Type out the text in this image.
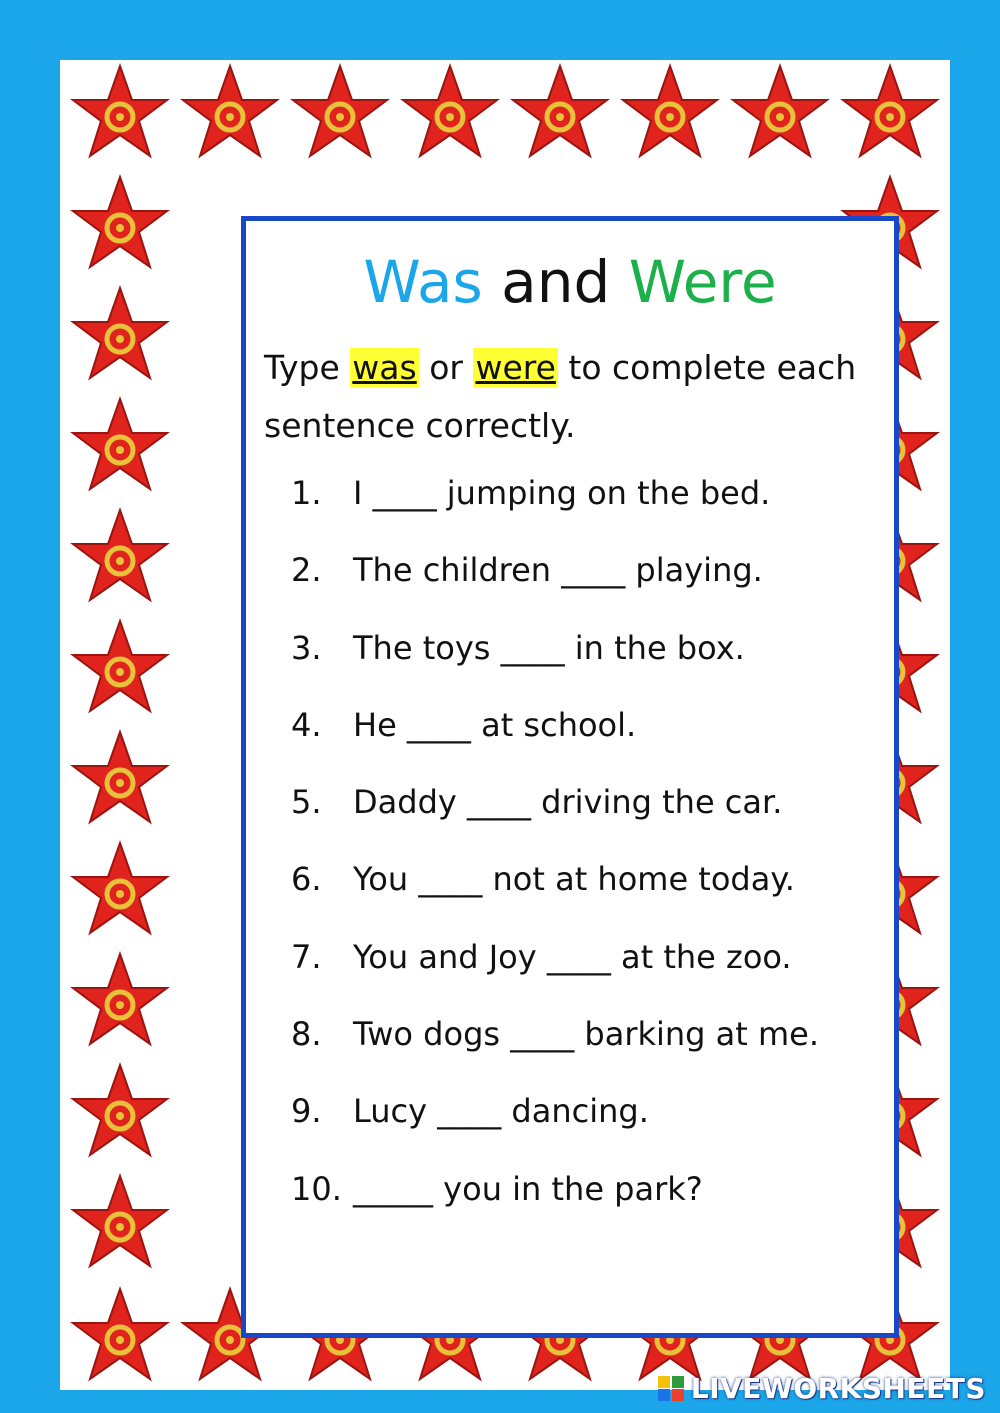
Was and Were
Type was or were to complete each sentence correctly.
1. I ____ jumping on the bed.
2. The children ____ playing.
3. The toys ____ in the box.
4. He ____ at school.
5. Daddy ____ driving the car.
6. You ____ not at home today.
7. You and Joy ____ at the zoo.
8. Two dogs ____ barking at me.
9. Lucy ____ dancing.
10. _____ you in the park?
LIVEWORKSHEETS
